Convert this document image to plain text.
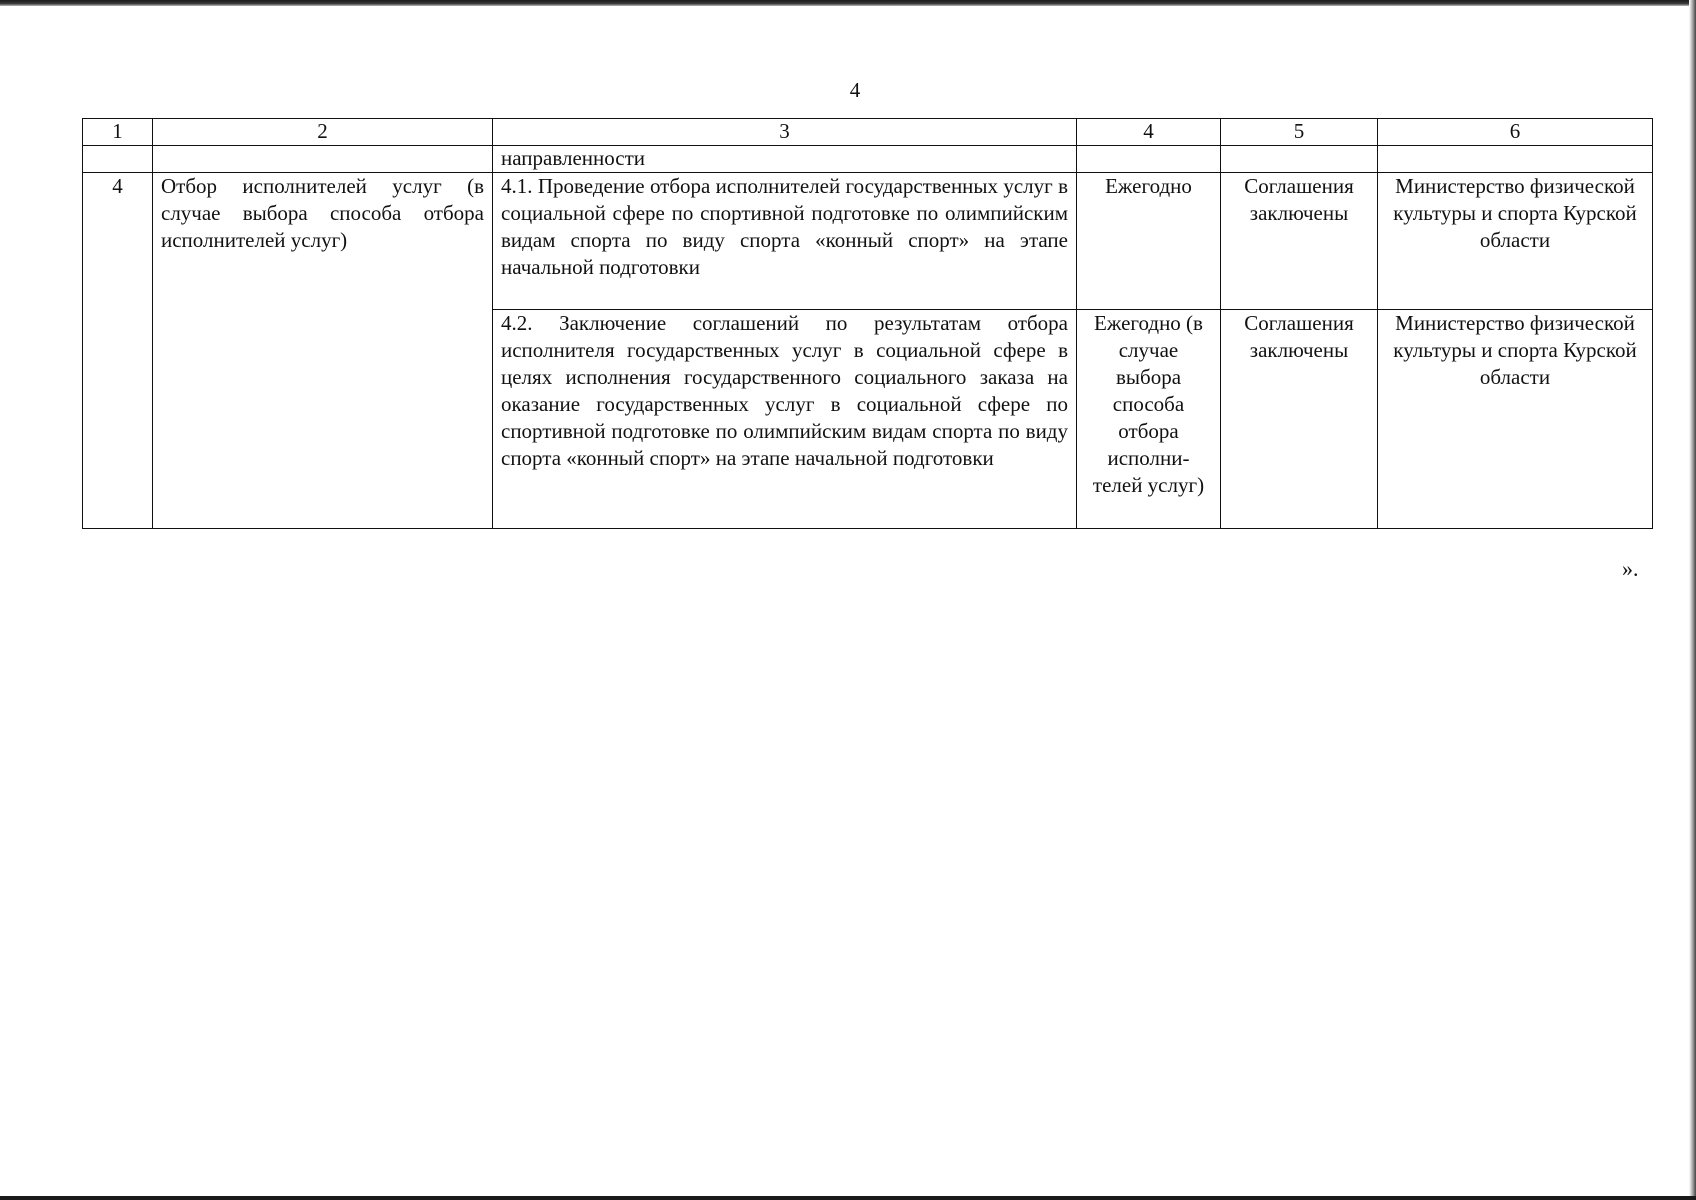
4
1	2	3	4	5	6
		направленности			
4	Отбор исполнителей услуг (в случае выбора способа отбора исполнителей услуг)	4.1. Проведение отбора исполнителей государственных услуг в социальной сфере по спортивной подготовке по олимпийским видам спорта по виду спорта «конный спорт» на этапе начальной подготовки	Ежегодно	Соглашения заключены	Министерство физической культуры и спорта Курской области
		4.2. Заключение соглашений по результатам отбора исполнителя государственных услуг в социальной сфере в целях исполнения государственного социального заказа на оказание государственных услуг в социальной сфере по спортивной подготовке по олимпийским видам спорта по виду спорта «конный спорт» на этапе начальной подготовки	Ежегодно (в случае выбора способа отбора исполни-телей услуг)	Соглашения заключены	Министерство физической культуры и спорта Курской области
».
